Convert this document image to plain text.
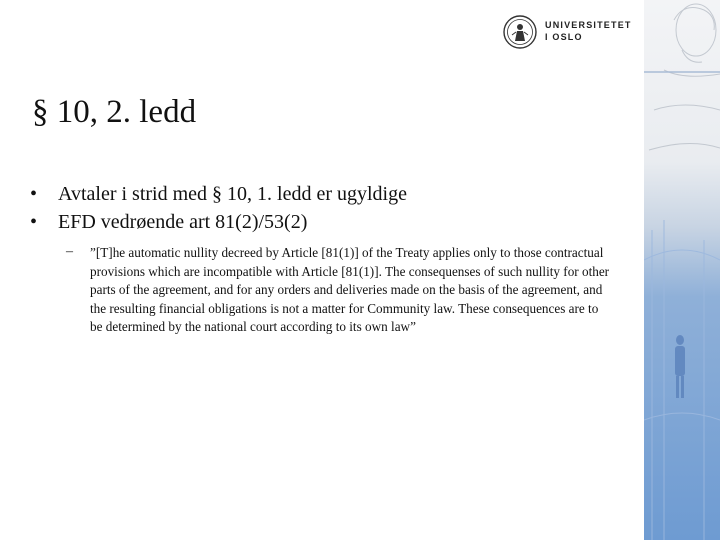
UNIVERSITETET
I OSLO
§ 10, 2. ledd
• Avtaler i strid med § 10, 1. ledd er ugyldige
• EFD vedrøende art 81(2)/53(2)
– ”[T]he automatic nullity decreed by Article [81(1)] of the Treaty applies only to those contractual provisions which are incompatible with Article [81(1)]. The consequenses of such nullity for other parts of the agreement, and for any orders and deliveries made on the basis of the agreement, and the resulting financial obligations is not a matter for Community law. These consequences are to be determined by the national court according to its own law”
